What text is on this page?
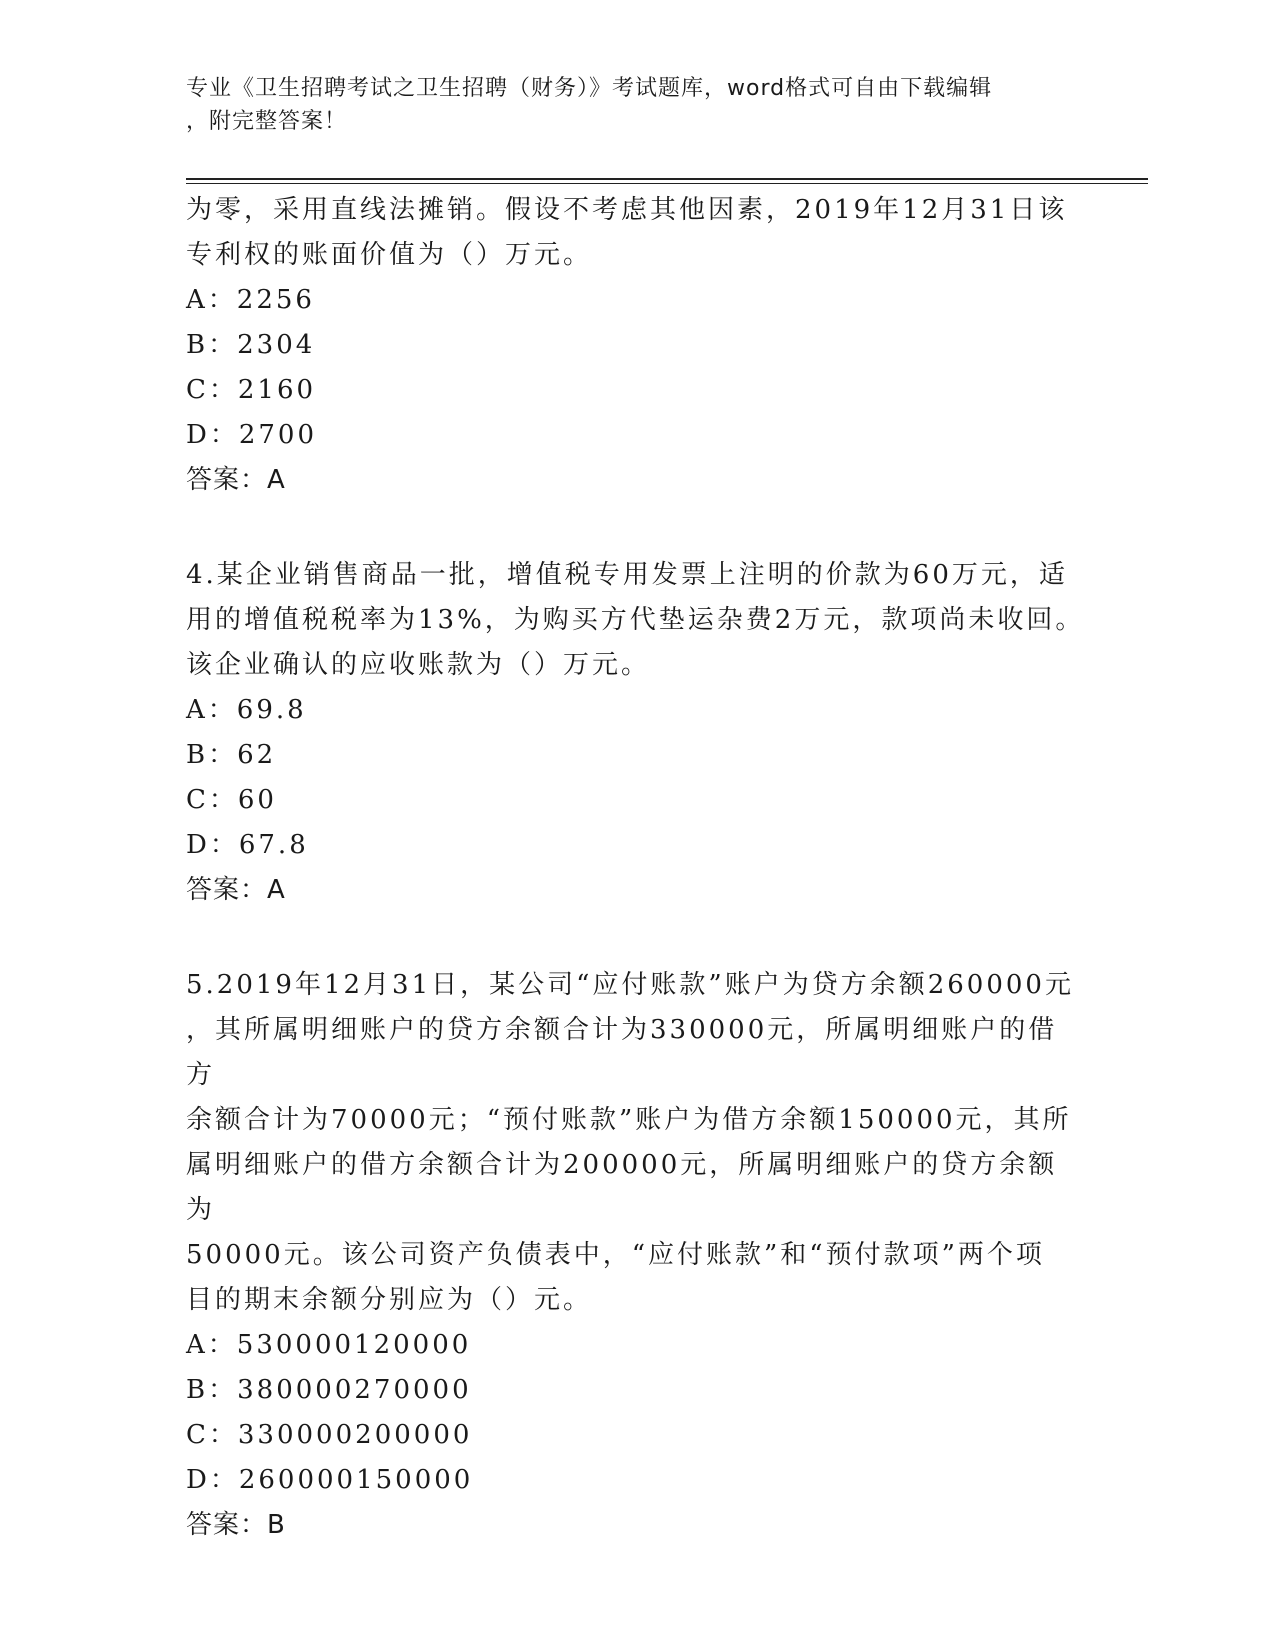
专业《卫生招聘考试之卫生招聘（财务）》考试题库，word格式可自由下载编辑
，附完整答案！

为零，采用直线法摊销。假设不考虑其他因素，2019年12月31日该

专利权的账面价值为（）万元。

A：2256

B：2304

C：2160

D：2700

答案：A

4.某企业销售商品一批，增值税专用发票上注明的价款为60万元，适

用的增值税税率为13%，为购买方代垫运杂费2万元，款项尚未收回。

该企业确认的应收账款为（）万元。

A：69.8

B：62

C：60

D：67.8

答案：A

5.2019年12月31日，某公司“应付账款”账户为贷方余额260000元

，其所属明细账户的贷方余额合计为330000元，所属明细账户的借方

余额合计为70000元；“预付账款”账户为借方余额150000元，其所

属明细账户的借方余额合计为200000元，所属明细账户的贷方余额为

50000元。该公司资产负债表中，“应付账款”和“预付款项”两个项

目的期末余额分别应为（）元。

A：530000120000

B：380000270000

C：330000200000

D：260000150000

答案：B
